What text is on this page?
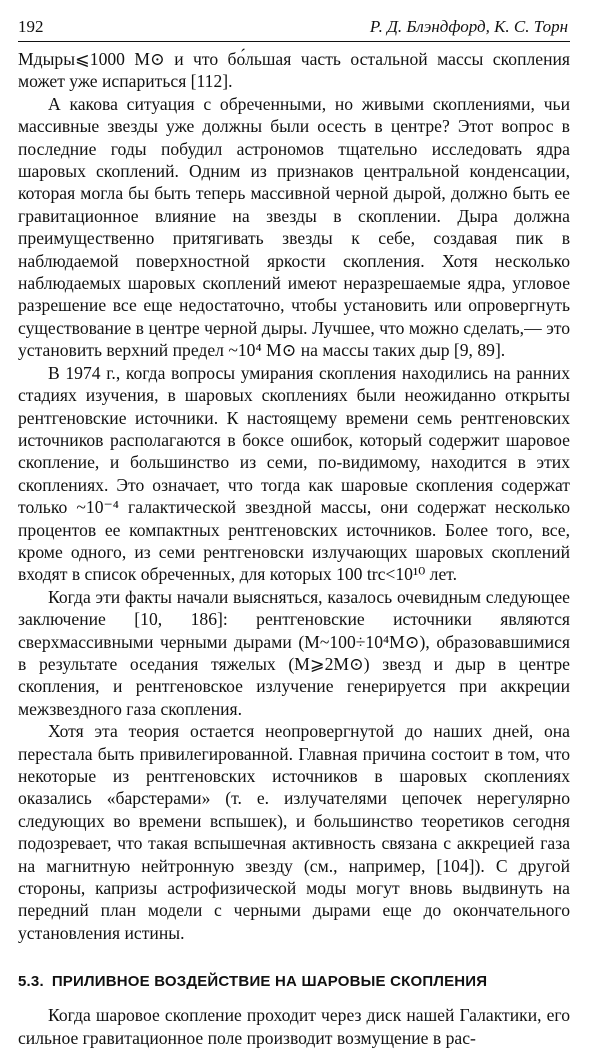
192	Р. Д. Блэндфорд, К. С. Торн

Mдыры⩽1000 M⊙ и что бо́льшая часть остальной массы скопления может уже испариться [112].

А какова ситуация с обреченными, но живыми скоплениями, чьи массивные звезды уже должны были осесть в центре? Этот вопрос в последние годы побудил астрономов тщательно исследовать ядра шаровых скоплений. Одним из признаков центральной конденсации, которая могла бы быть теперь массивной черной дырой, должно быть ее гравитационное влияние на звезды в скоплении. Дыра должна преимущественно притягивать звезды к себе, создавая пик в наблюдаемой поверхностной яркости скопления. Хотя несколько наблюдаемых шаровых скоплений имеют неразрешаемые ядра, угловое разрешение все еще недостаточно, чтобы установить или опровергнуть существование в центре черной дыры. Лучшее, что можно сделать,— это установить верхний предел ~10⁴ M⊙ на массы таких дыр [9, 89].

В 1974 г., когда вопросы умирания скопления находились на ранних стадиях изучения, в шаровых скоплениях были неожиданно открыты рентгеновские источники. К настоящему времени семь рентгеновских источников располагаются в боксе ошибок, который содержит шаровое скопление, и большинство из семи, по-видимому, находится в этих скоплениях. Это означает, что тогда как шаровые скопления содержат только ~10⁻⁴ галактической звездной массы, они содержат несколько процентов ее компактных рентгеновских источников. Более того, все, кроме одного, из семи рентгеновски излучающих шаровых скоплений входят в список обреченных, для которых 100 trc<10¹⁰ лет.

Когда эти факты начали выясняться, казалось очевидным следующее заключение [10, 186]: рентгеновские источники являются сверхмассивными черными дырами (M~100÷10⁴M⊙), образовавшимися в результате оседания тяжелых (M⩾2M⊙) звезд и дыр в центре скопления, и рентгеновское излучение генерируется при аккреции межзвездного газа скопления.

Хотя эта теория остается неопровергнутой до наших дней, она перестала быть привилегированной. Главная причина состоит в том, что некоторые из рентгеновских источников в шаровых скоплениях оказались «барстерами» (т. е. излучателями цепочек нерегулярно следующих во времени вспышек), и большинство теоретиков сегодня подозревает, что такая вспышечная активность связана с аккрецией газа на магнитную нейтронную звезду (см., например, [104]). С другой стороны, капризы астрофизической моды могут вновь выдвинуть на передний план модели с черными дырами еще до окончательного установления истины.

5.3. ПРИЛИВНОЕ ВОЗДЕЙСТВИЕ НА ШАРОВЫЕ СКОПЛЕНИЯ

Когда шаровое скопление проходит через диск нашей Галактики, его сильное гравитационное поле производит возмущение в рас-
